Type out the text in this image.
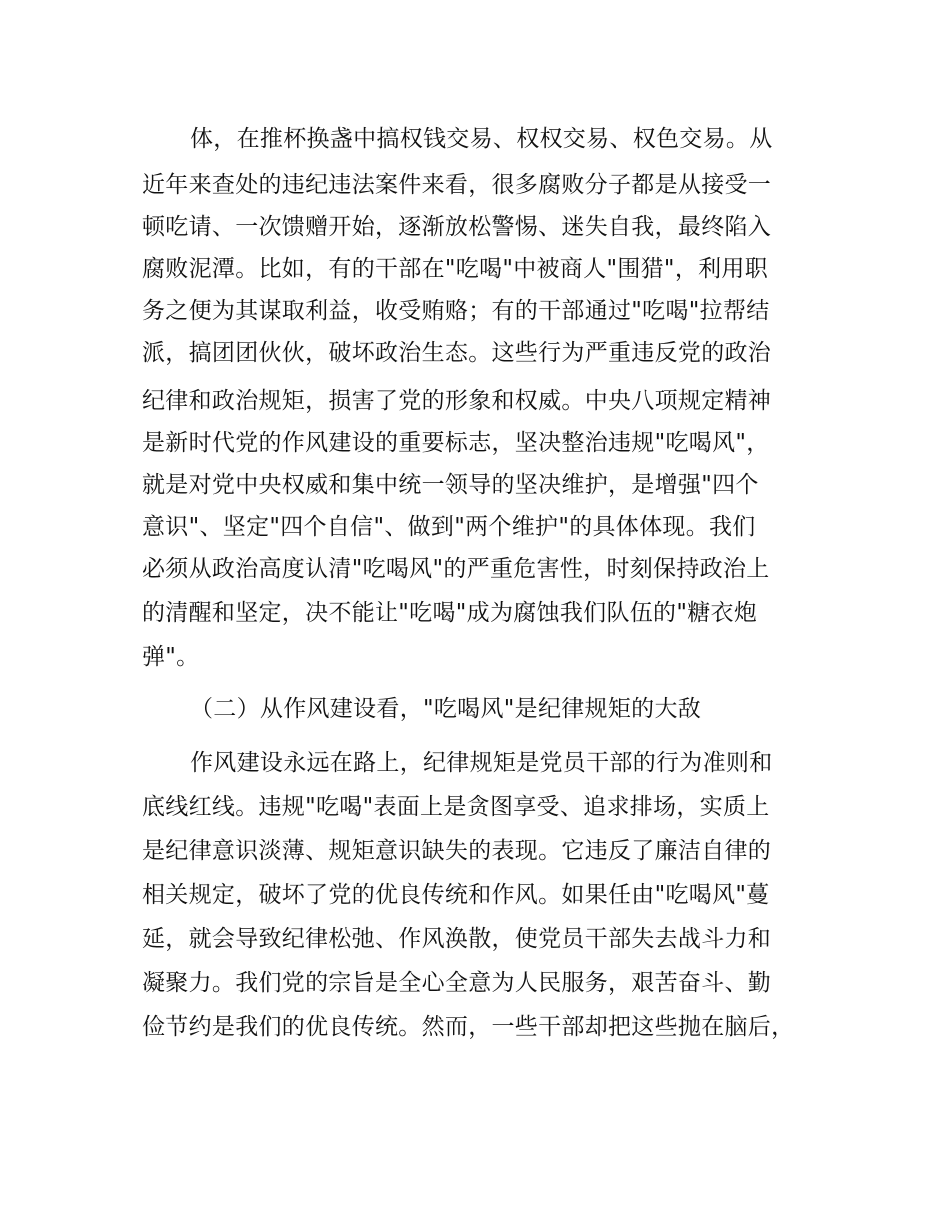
体，在推杯换盏中搞权钱交易、权权交易、权色交易。从

近年来查处的违纪违法案件来看，很多腐败分子都是从接受一

顿吃请、一次馈赠开始，逐渐放松警惕、迷失自我，最终陷入

腐败泥潭。比如，有的干部在"吃喝"中被商人"围猎"，利用职

务之便为其谋取利益，收受贿赂；有的干部通过"吃喝"拉帮结

派，搞团团伙伙，破坏政治生态。这些行为严重违反党的政治

纪律和政治规矩，损害了党的形象和权威。中央八项规定精神

是新时代党的作风建设的重要标志，坚决整治违规"吃喝风"，

就是对党中央权威和集中统一领导的坚决维护，是增强"四个

意识"、坚定"四个自信"、做到"两个维护"的具体体现。我们

必须从政治高度认清"吃喝风"的严重危害性，时刻保持政治上

的清醒和坚定，决不能让"吃喝"成为腐蚀我们队伍的"糖衣炮

弹"。

（二）从作风建设看，"吃喝风"是纪律规矩的大敌

作风建设永远在路上，纪律规矩是党员干部的行为准则和

底线红线。违规"吃喝"表面上是贪图享受、追求排场，实质上

是纪律意识淡薄、规矩意识缺失的表现。它违反了廉洁自律的

相关规定，破坏了党的优良传统和作风。如果任由"吃喝风"蔓

延，就会导致纪律松弛、作风涣散，使党员干部失去战斗力和

凝聚力。我们党的宗旨是全心全意为人民服务，艰苦奋斗、勤

俭节约是我们的优良传统。然而，一些干部却把这些抛在脑后，
